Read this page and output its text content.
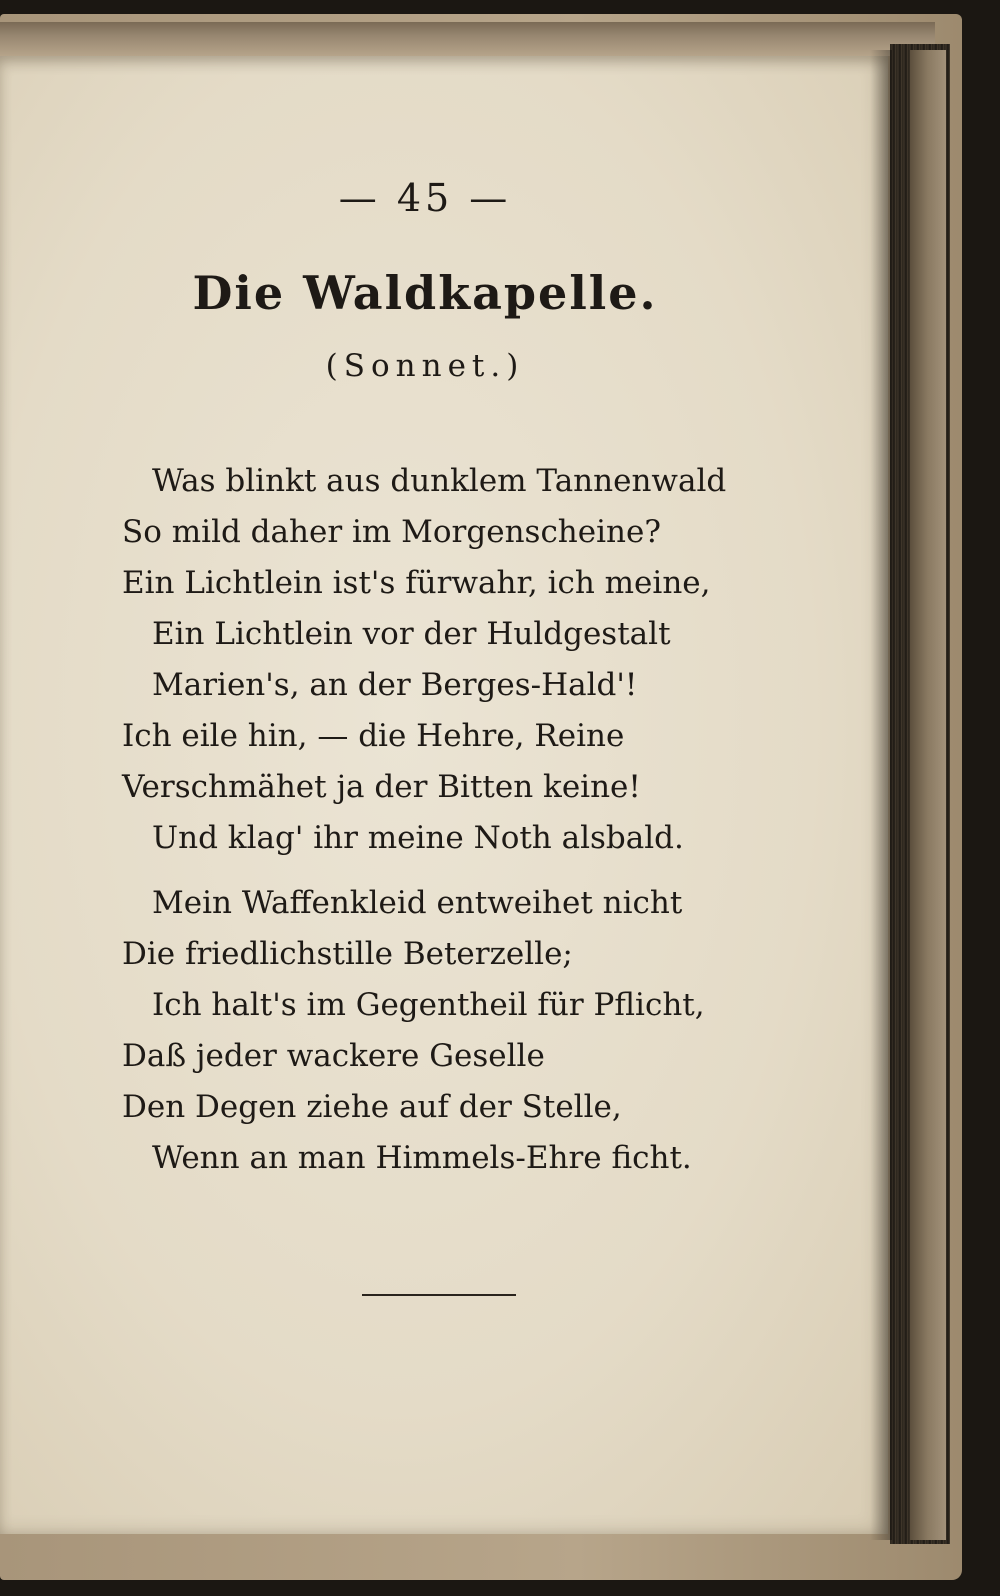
— 45 —
Die Waldkapelle.
(Sonnet.)
Was blinkt aus dunklem Tannenwald
So mild daher im Morgenscheine?
Ein Lichtlein ist's fürwahr, ich meine,
Ein Lichtlein vor der Huldgestalt
Marien's, an der Berges-Hald'!
Ich eile hin, — die Hehre, Reine
Verschmähet ja der Bitten keine!
Und klag' ihr meine Noth alsbald.
Mein Waffenkleid entweihet nicht
Die friedlichstille Beterzelle;
Ich halt's im Gegentheil für Pflicht,
Daß jeder wackere Geselle
Den Degen ziehe auf der Stelle,
Wenn an man Himmels-Ehre ficht.
